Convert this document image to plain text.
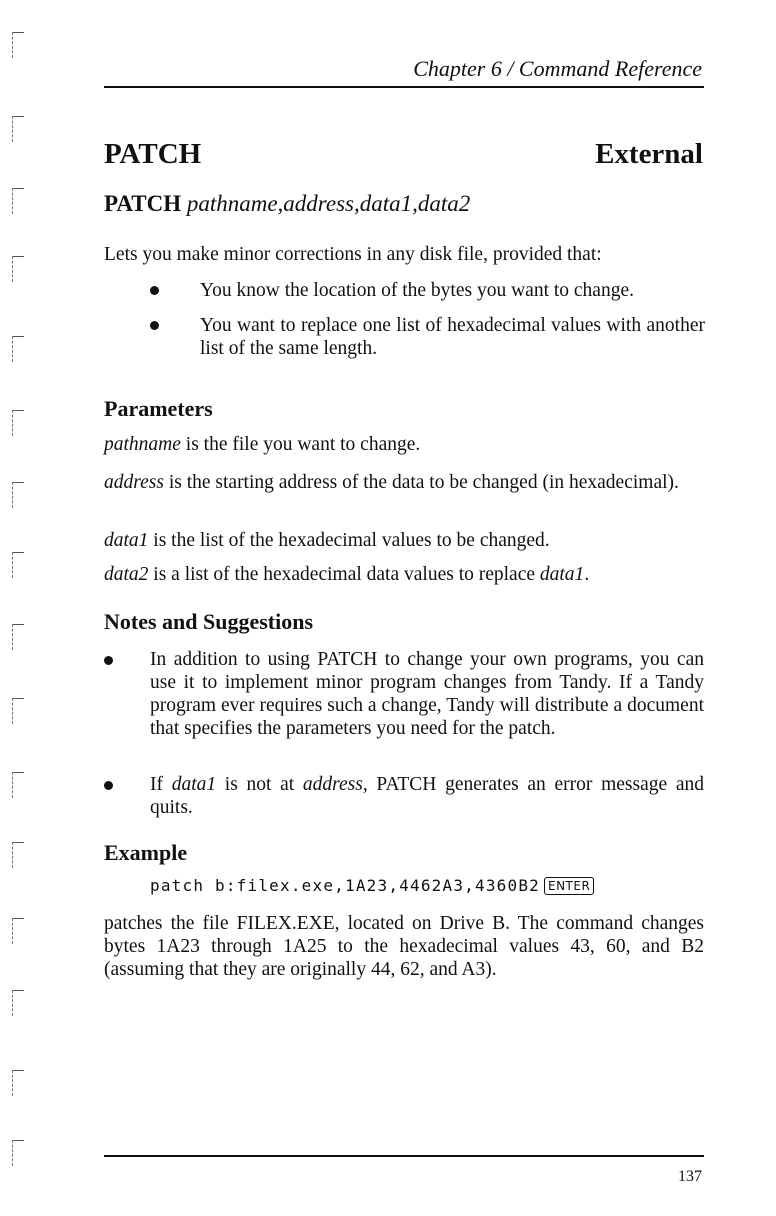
Chapter 6 / Command Reference
PATCH	External
PATCH pathname,address,data1,data2
Lets you make minor corrections in any disk file, provided that:
You know the location of the bytes you want to change.
You want to replace one list of hexadecimal values with another list of the same length.
Parameters
pathname is the file you want to change.
address is the starting address of the data to be changed (in hexadecimal).
data1 is the list of the hexadecimal values to be changed.
data2 is a list of the hexadecimal data values to replace data1.
Notes and Suggestions
In addition to using PATCH to change your own programs, you can use it to implement minor program changes from Tandy. If a Tandy program ever requires such a change, Tandy will distribute a document that specifies the parameters you need for the patch.
If data1 is not at address, PATCH generates an error message and quits.
Example
patch b:filex.exe,1A23,4462A3,4360B2 ENTER
patches the file FILEX.EXE, located on Drive B. The command changes bytes 1A23 through 1A25 to the hexadecimal values 43, 60, and B2 (assuming that they are originally 44, 62, and A3).
137
